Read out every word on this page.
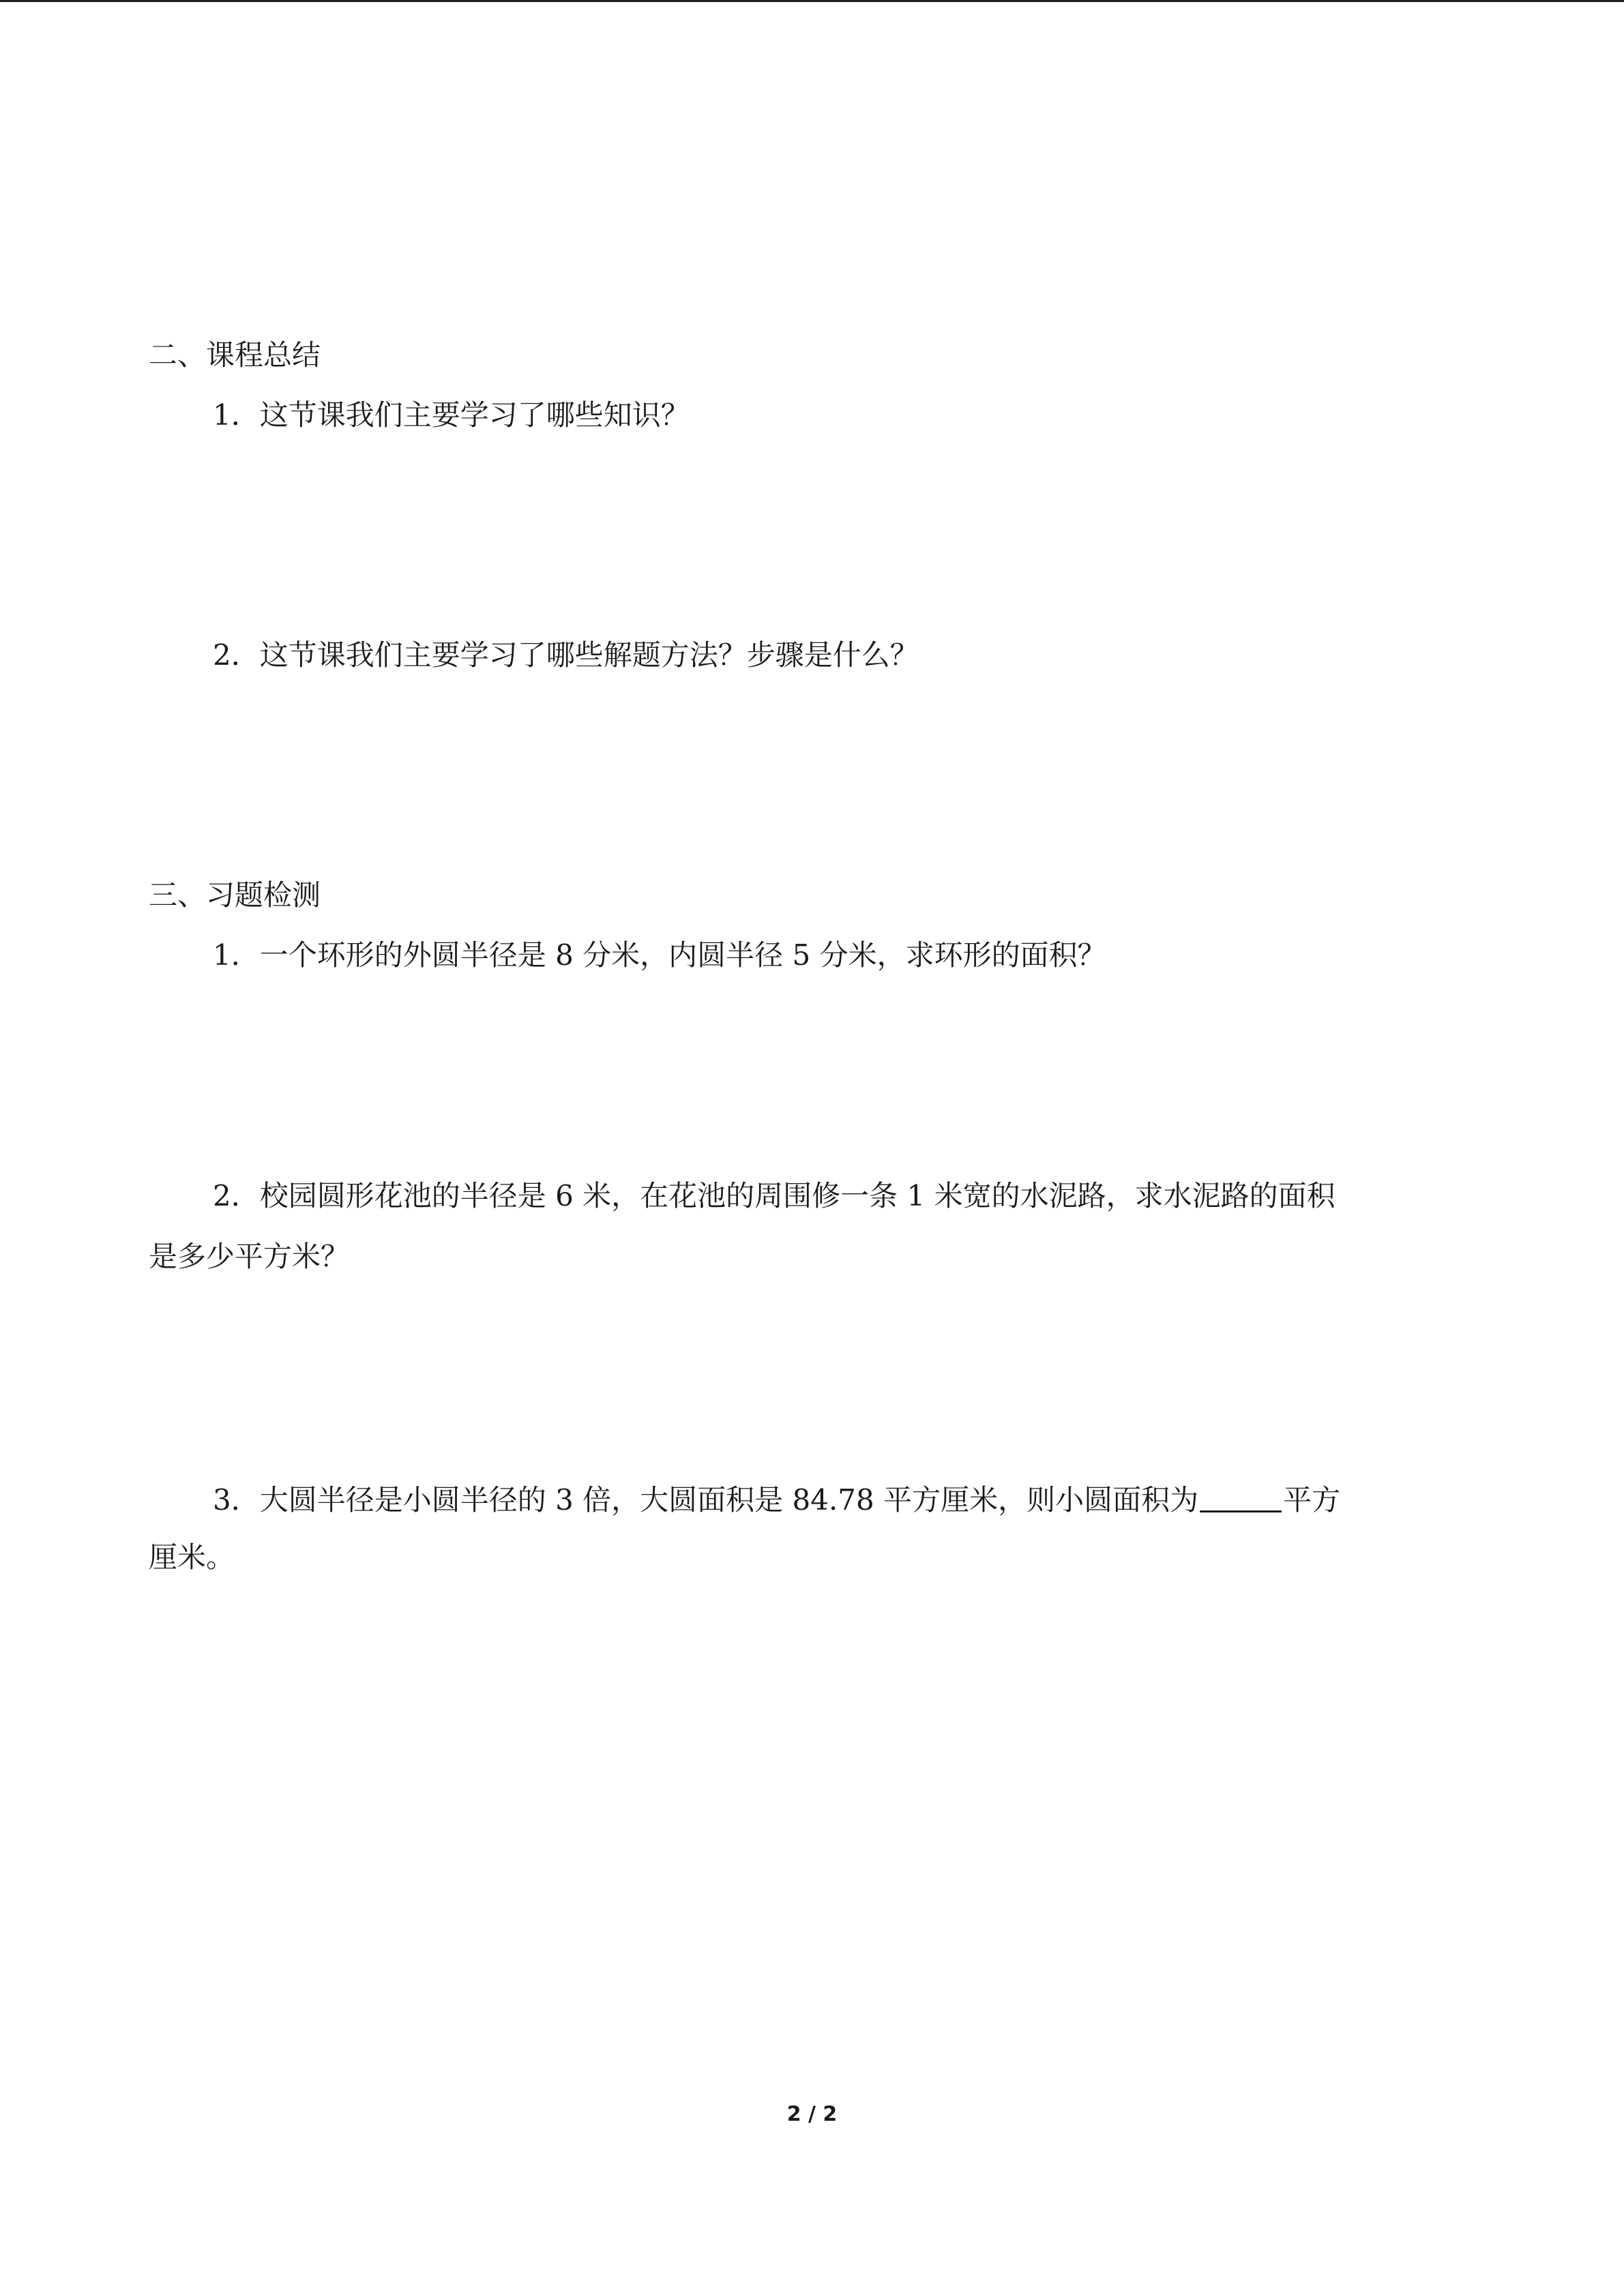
二、课程总结
1．这节课我们主要学习了哪些知识？
2．这节课我们主要学习了哪些解题方法？步骤是什么？
三、习题检测
1．一个环形的外圆半径是 8 分米，内圆半径 5 分米，求环形的面积？
2．校园圆形花池的半径是 6 米，在花池的周围修一条 1 米宽的水泥路，求水泥路的面积
是多少平方米？
3．大圆半径是小圆半径的 3 倍，大圆面积是 84.78 平方厘米，则小圆面积为	平方
厘米。
2 / 2
